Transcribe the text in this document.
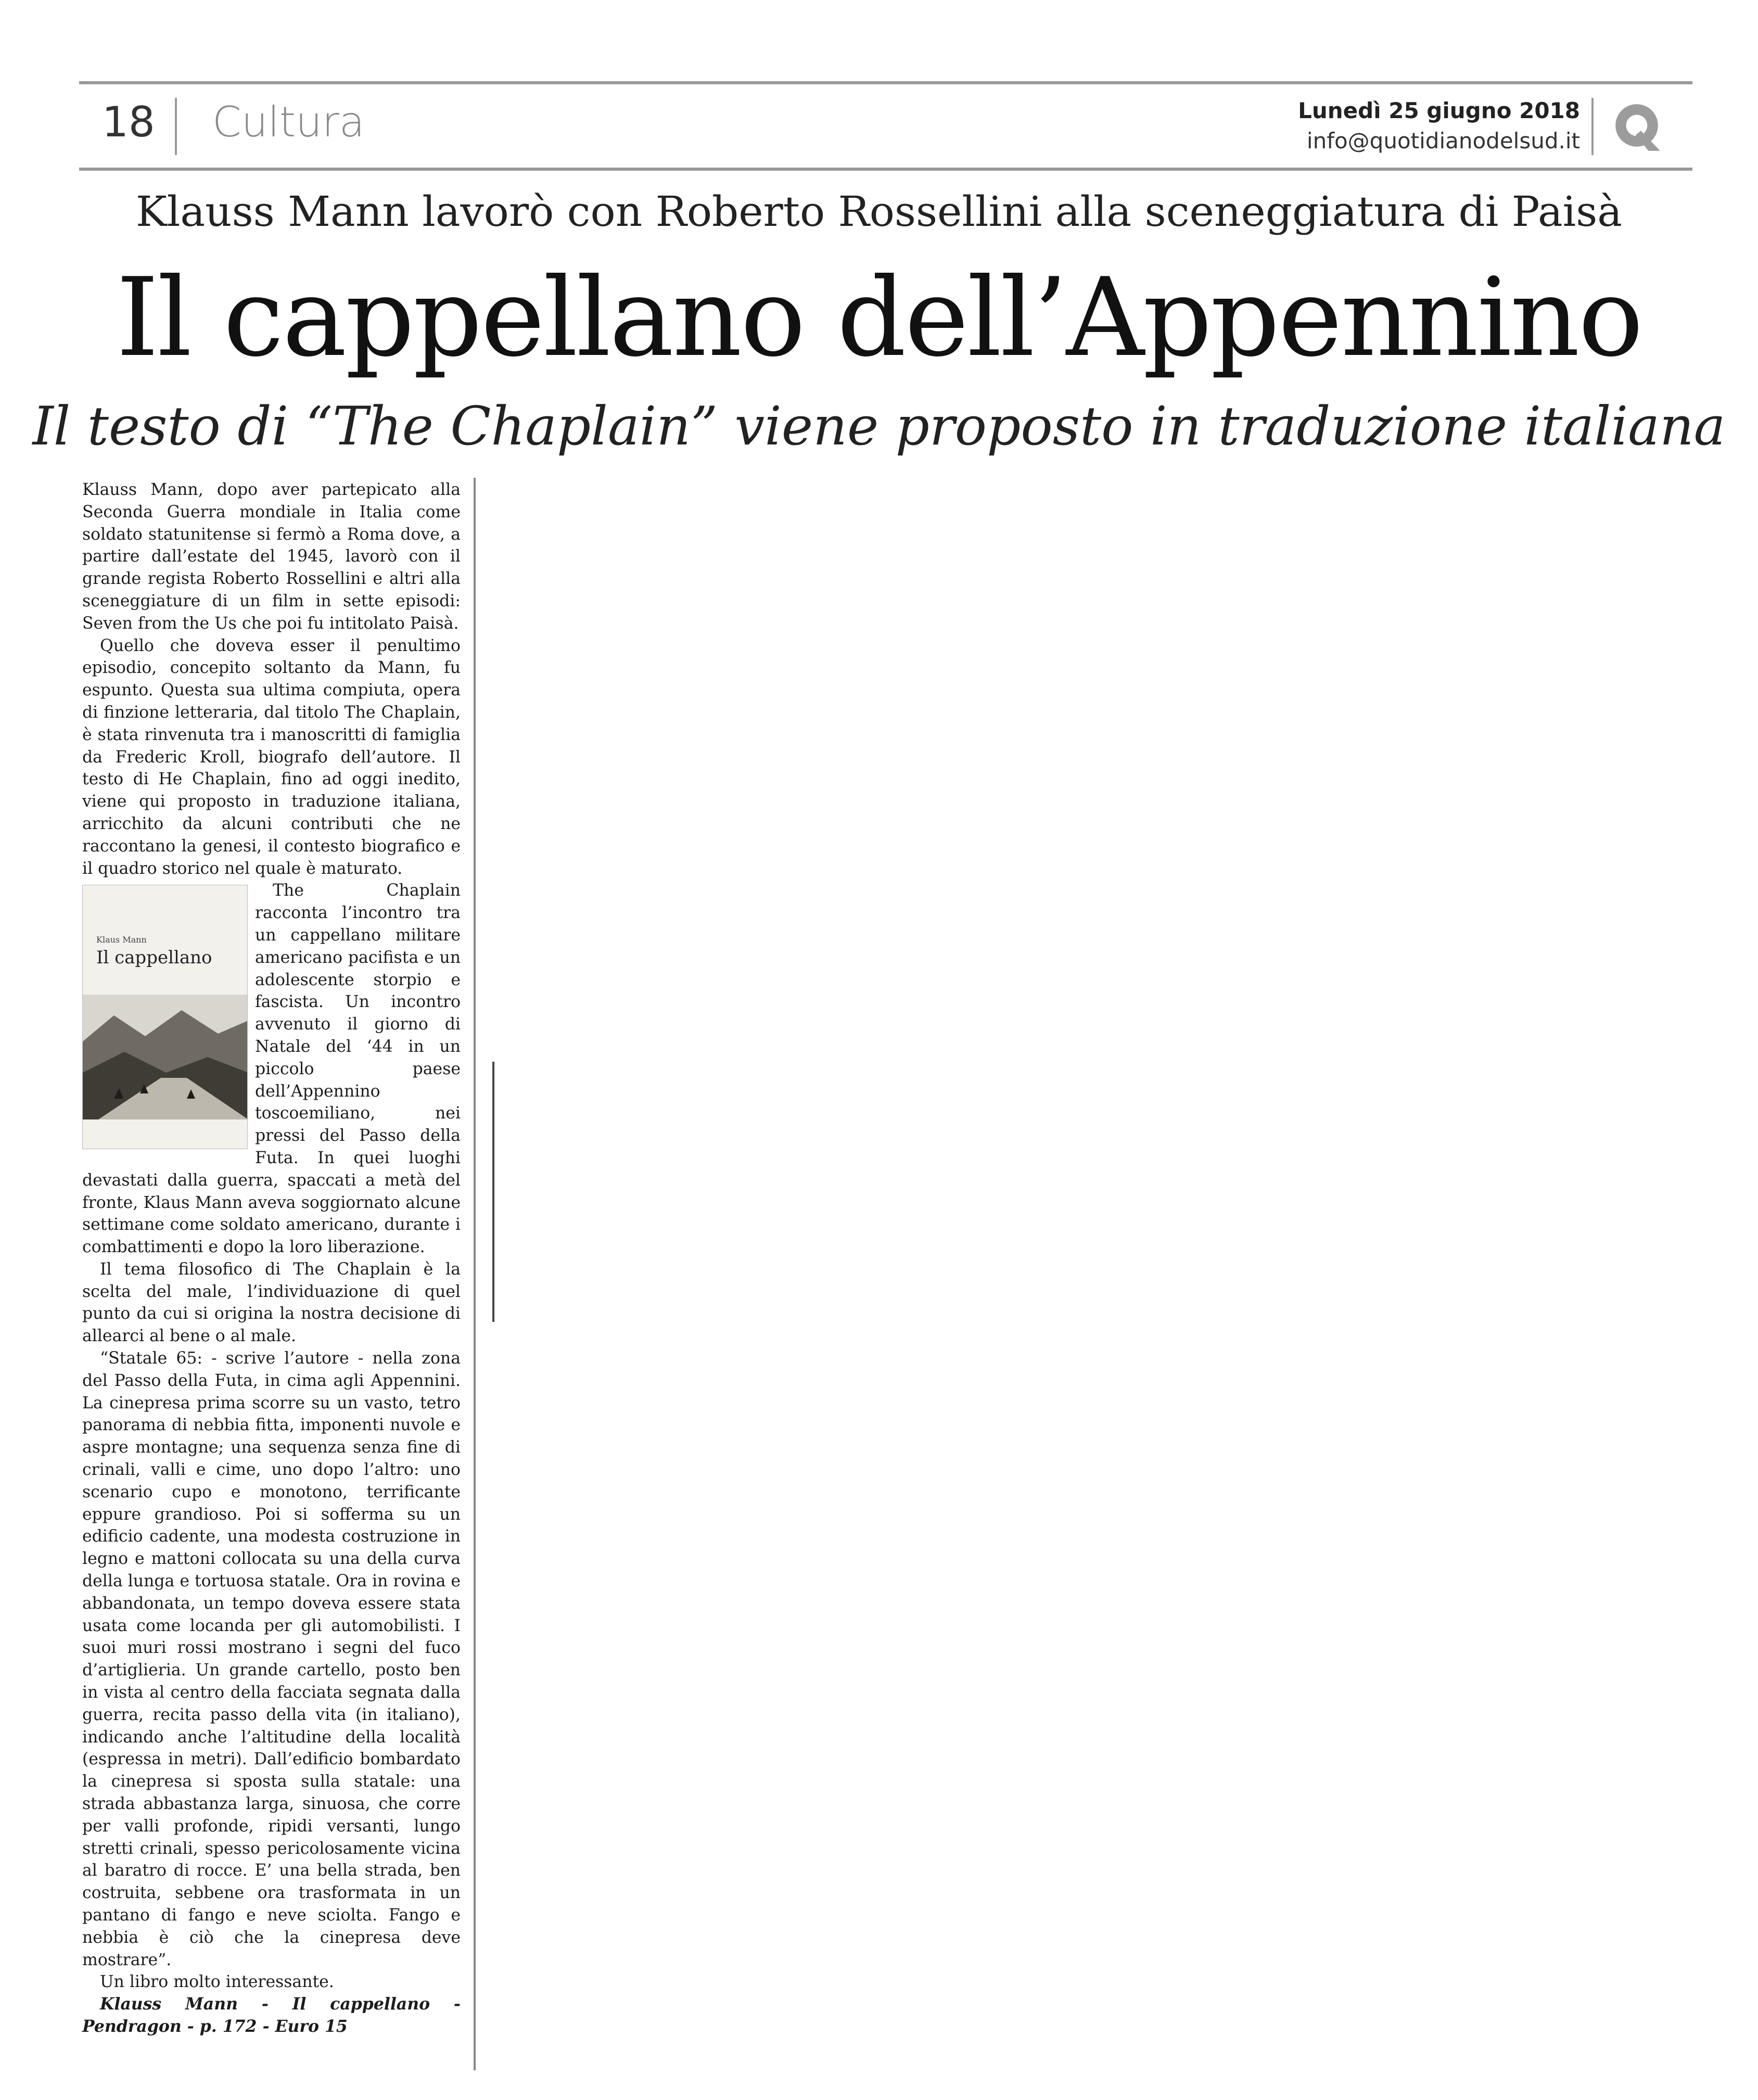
18 Cultura	Lunedì 25 giugno 2018
info@quotidianodelsud.it
Klauss Mann lavorò con Roberto Rossellini alla sceneggiatura di Paisà
Il cappellano dell’Appennino
Il testo di “The Chaplain” viene proposto in traduzione italiana

Klauss Mann, dopo aver partepicato alla Seconda Guerra mondiale in Italia come soldato statunitense si fermò a Roma dove, a partire dall’estate del 1945, lavorò con il grande regista Roberto Rossellini e altri alla sceneggiature di un film in sette episodi: Seven from the Us che poi fu intitolato Paisà.

Quello che doveva esser il penultimo episodio, concepito soltanto da Mann, fu espunto. Questa sua ultima compiuta, opera di finzione letteraria, dal titolo The Chaplain, è stata rinvenuta tra i manoscritti di famiglia da Frederic Kroll, biografo dell’autore. Il testo di He Chaplain, fino ad oggi inedito, viene qui proposto in traduzione italiana, arricchito da alcuni contributi che ne raccontano la genesi, il contesto biografico e il quadro storico nel quale è maturato.

Klaus Mann
Il cappellano

The Chaplain racconta l’incontro tra un cappellano militare americano pacifista e un adolescente storpio e fascista. Un incontro avvenuto il giorno di Natale del ‘44 in un piccolo paese dell’Appennino toscoemiliano, nei pressi del Passo della Futa. In quei luoghi devastati dalla guerra, spaccati a metà del fronte, Klaus Mann aveva soggiornato alcune settimane come soldato americano, durante i combattimenti e dopo la loro liberazione.

Il tema filosofico di The Chaplain è la scelta del male, l’individuazione di quel punto da cui si origina la nostra decisione di allearci al bene o al male.

“Statale 65: - scrive l’autore - nella zona del Passo della Futa, in cima agli Appennini. La cinepresa prima scorre su un vasto, tetro panorama di nebbia fitta, imponenti nuvole e aspre montagne; una sequenza senza fine di crinali, valli e cime, uno dopo l’altro: uno scenario cupo e monotono, terrificante eppure grandioso. Poi si sofferma su un edificio cadente, una modesta costruzione in legno e mattoni collocata su una della curva della lunga e tortuosa statale. Ora in rovina e abbandonata, un tempo doveva essere stata usata come locanda per gli automobilisti. I suoi muri rossi mostrano i segni del fuco d’artiglieria. Un grande cartello, posto ben in vista al centro della facciata segnata dalla guerra, recita passo della vita (in italiano), indicando anche l’altitudine della località (espressa in metri). Dall’edificio bombardato la cinepresa si sposta sulla statale: una strada abbastanza larga, sinuosa, che corre per valli profonde, ripidi versanti, lungo stretti crinali, spesso pericolosamente vicina al baratro di rocce. E’ una bella strada, ben costruita, sebbene ora trasformata in un pantano di fango e neve sciolta. Fango e nebbia è ciò che la cinepresa deve mostrare”.

Un libro molto interessante.

Klauss Mann - Il cappellano - Pendragon - p. 172 - Euro 15
